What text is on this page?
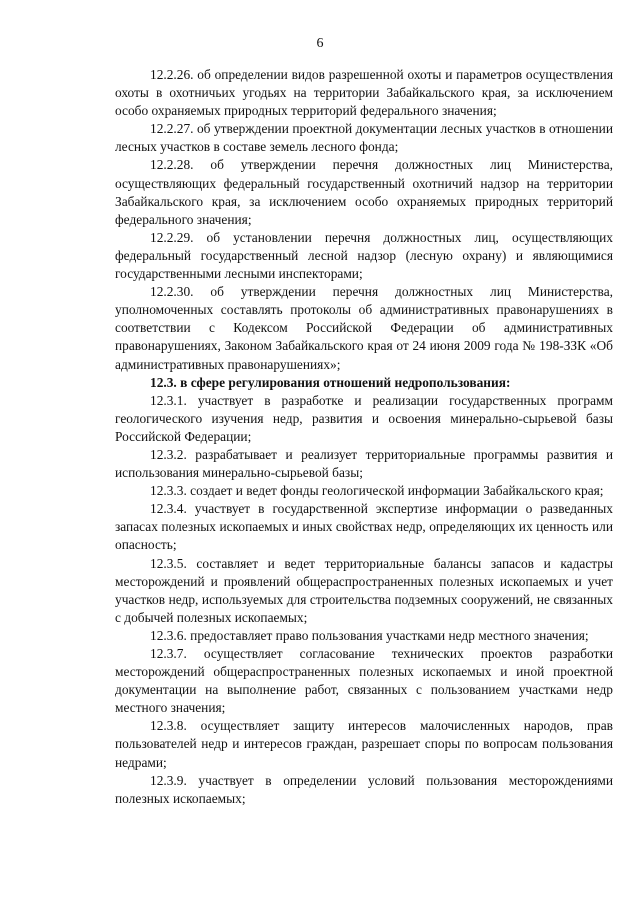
6

12.2.26. об определении видов разрешенной охоты и параметров осуществления охоты в охотничьих угодьях на территории Забайкальского края, за исключением особо охраняемых природных территорий федерального значения;

12.2.27. об утверждении проектной документации лесных участков в отношении лесных участков в составе земель лесного фонда;

12.2.28. об утверждении перечня должностных лиц Министерства, осуществляющих федеральный государственный охотничий надзор на территории Забайкальского края, за исключением особо охраняемых природных территорий федерального значения;

12.2.29. об установлении перечня должностных лиц, осуществляющих федеральный государственный лесной надзор (лесную охрану) и являющимися государственными лесными инспекторами;

12.2.30. об утверждении перечня должностных лиц Министерства, уполномоченных составлять протоколы об административных правонарушениях в соответствии с Кодексом Российской Федерации об административных правонарушениях, Законом Забайкальского края от 24 июня 2009 года № 198-ЗЗК «Об административных правонарушениях»;

12.3. в сфере регулирования отношений недропользования:

12.3.1. участвует в разработке и реализации государственных программ геологического изучения недр, развития и освоения минерально-сырьевой базы Российской Федерации;

12.3.2. разрабатывает и реализует территориальные программы развития и использования минерально-сырьевой базы;

12.3.3. создает и ведет фонды геологической информации Забайкальского края;

12.3.4. участвует в государственной экспертизе информации о разведанных запасах полезных ископаемых и иных свойствах недр, определяющих их ценность или опасность;

12.3.5. составляет и ведет территориальные балансы запасов и кадастры месторождений и проявлений общераспространенных полезных ископаемых и учет участков недр, используемых для строительства подземных сооружений, не связанных с добычей полезных ископаемых;

12.3.6. предоставляет право пользования участками недр местного значения;

12.3.7. осуществляет согласование технических проектов разработки месторождений общераспространенных полезных ископаемых и иной проектной документации на выполнение работ, связанных с пользованием участками недр местного значения;

12.3.8. осуществляет защиту интересов малочисленных народов, прав пользователей недр и интересов граждан, разрешает споры по вопросам пользования недрами;

12.3.9. участвует в определении условий пользования месторождениями полезных ископаемых;
